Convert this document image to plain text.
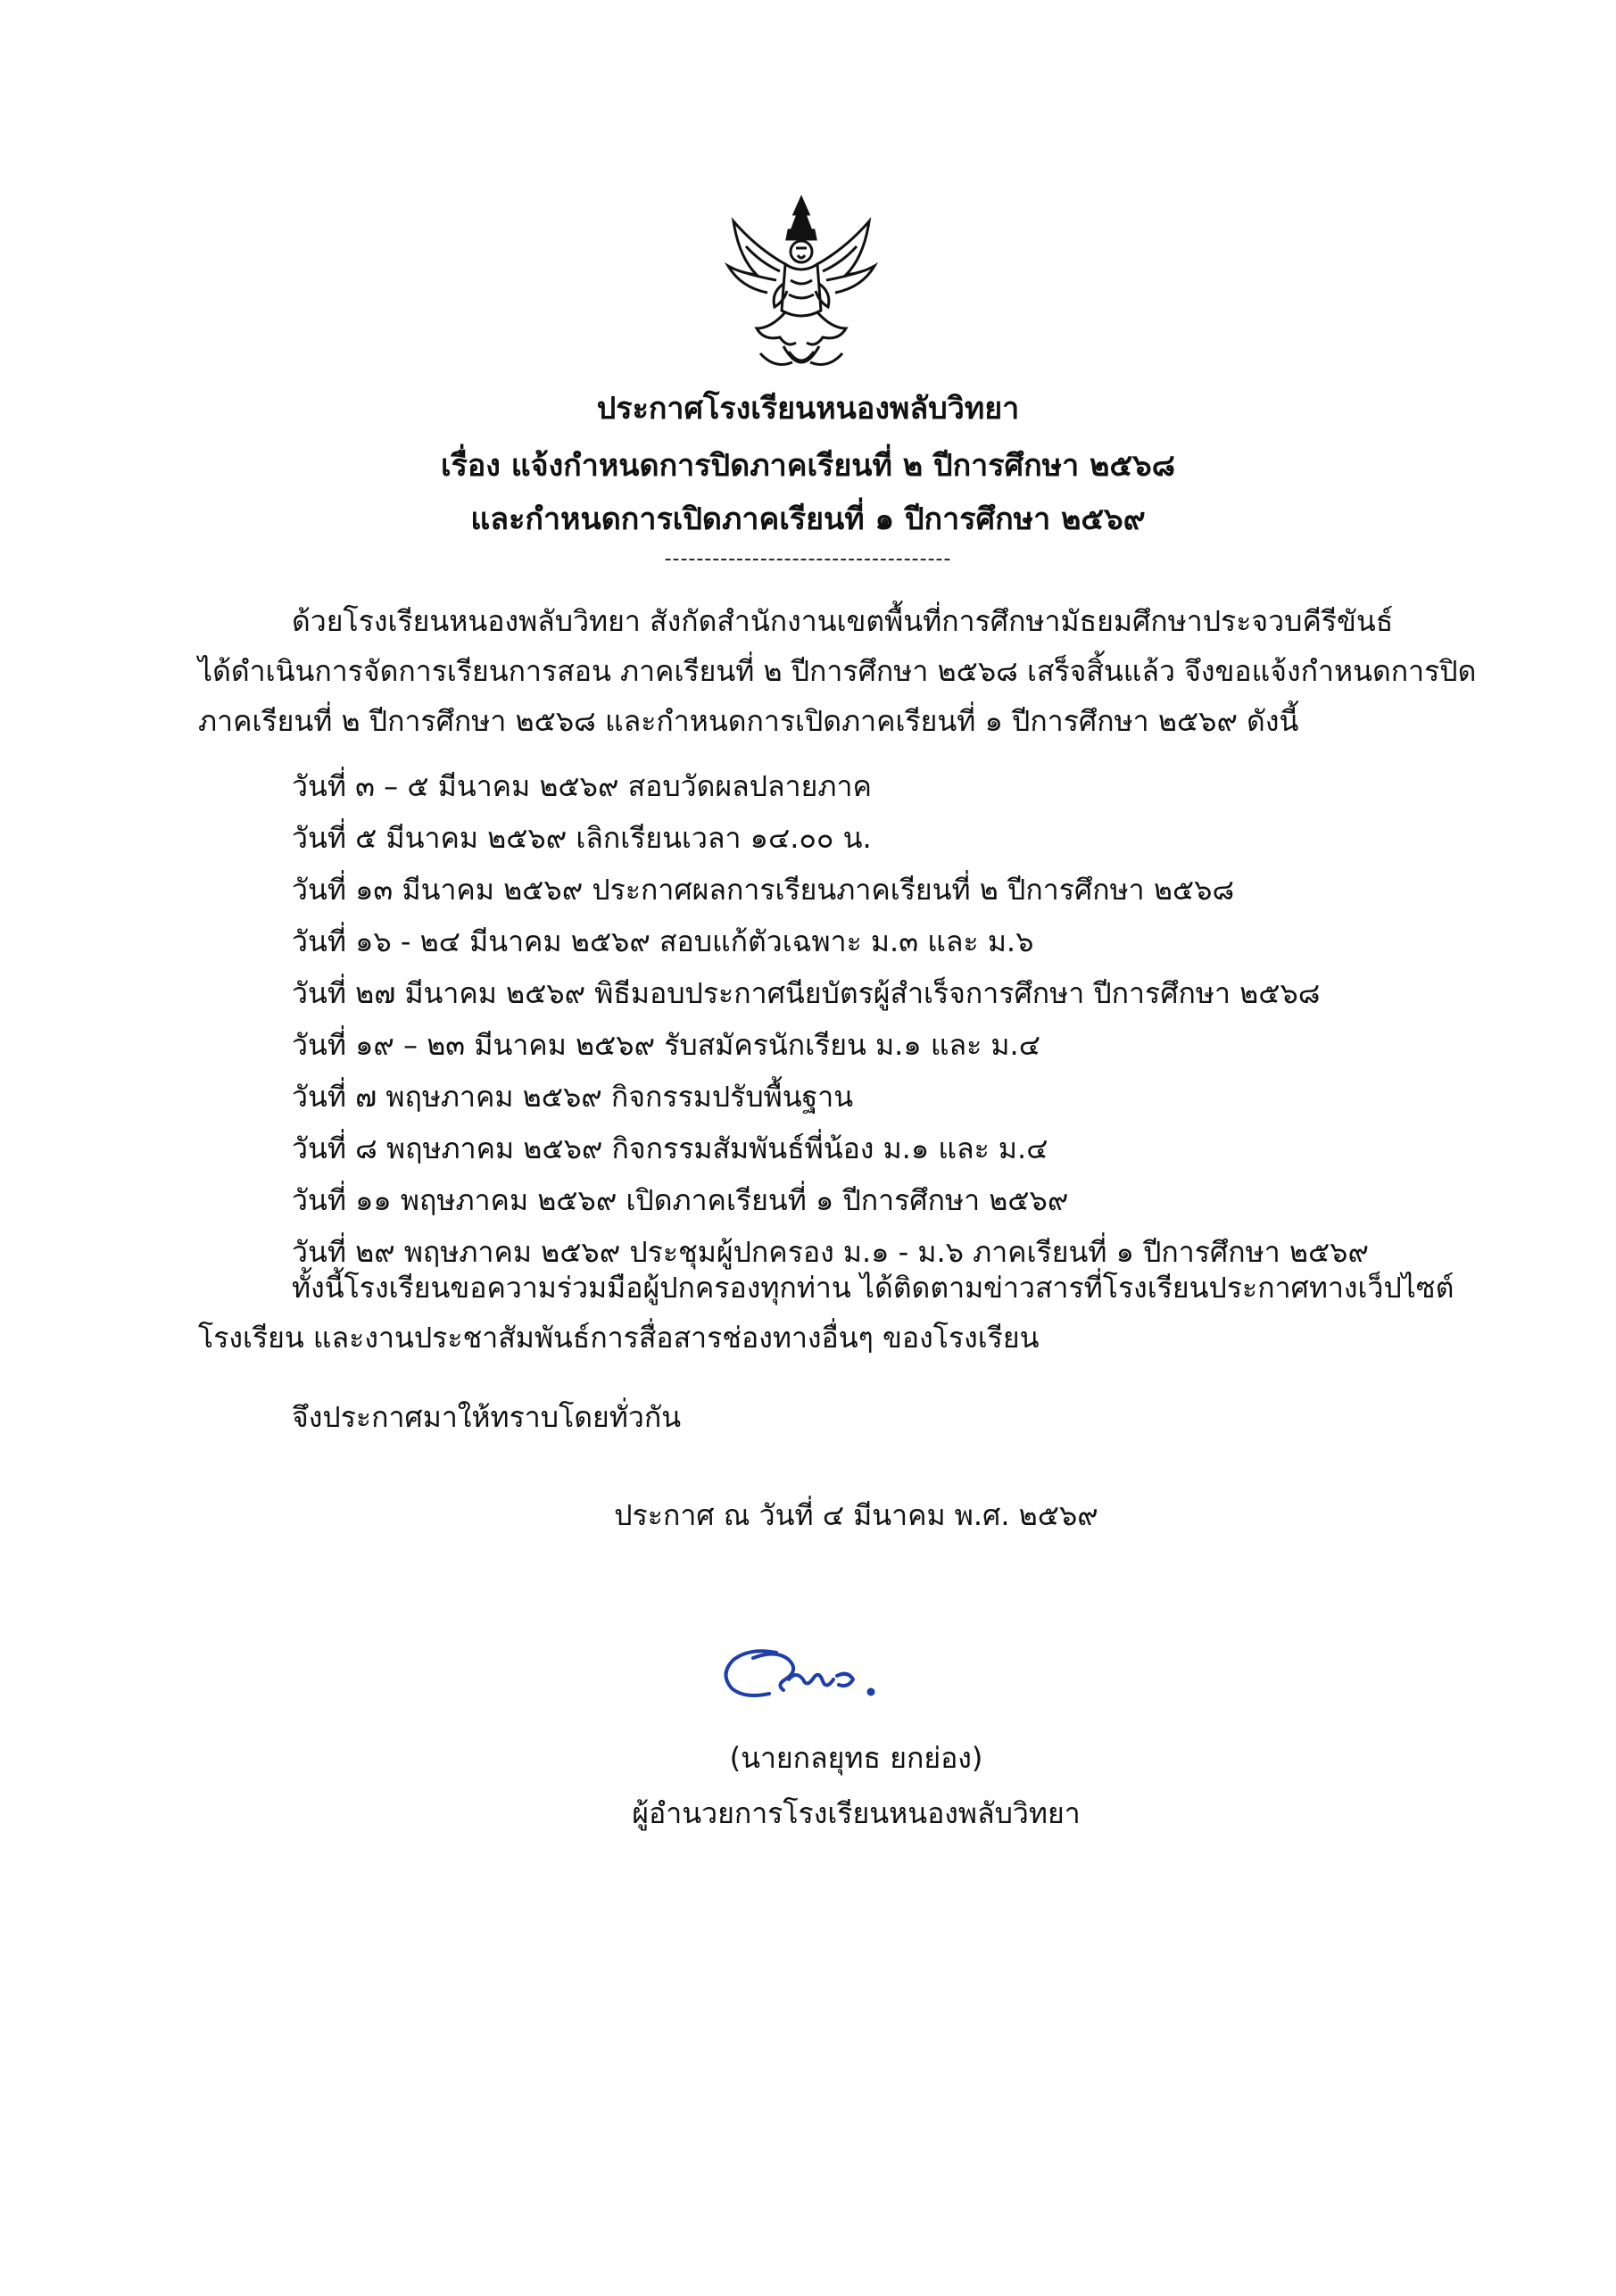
ประกาศโรงเรียนหนองพลับวิทยา

เรื่อง แจ้งกำหนดการปิดภาคเรียนที่ ๒ ปีการศึกษา ๒๕๖๘

และกำหนดการเปิดภาคเรียนที่ ๑ ปีการศึกษา ๒๕๖๙

------------------------------------

ด้วยโรงเรียนหนองพลับวิทยา สังกัดสำนักงานเขตพื้นที่การศึกษามัธยมศึกษาประจวบคีรีขันธ์
ได้ดำเนินการจัดการเรียนการสอน ภาคเรียนที่ ๒ ปีการศึกษา ๒๕๖๘ เสร็จสิ้นแล้ว จึงขอแจ้งกำหนดการปิด
ภาคเรียนที่ ๒ ปีการศึกษา ๒๕๖๘ และกำหนดการเปิดภาคเรียนที่ ๑ ปีการศึกษา ๒๕๖๙ ดังนี้
วันที่ ๓ – ๕ มีนาคม ๒๕๖๙ สอบวัดผลปลายภาค
วันที่ ๕ มีนาคม ๒๕๖๙ เลิกเรียนเวลา ๑๔.๐๐ น.
วันที่ ๑๓ มีนาคม ๒๕๖๙ ประกาศผลการเรียนภาคเรียนที่ ๒ ปีการศึกษา ๒๕๖๘
วันที่ ๑๖ - ๒๔ มีนาคม ๒๕๖๙ สอบแก้ตัวเฉพาะ ม.๓ และ ม.๖
วันที่ ๒๗ มีนาคม ๒๕๖๙ พิธีมอบประกาศนียบัตรผู้สำเร็จการศึกษา ปีการศึกษา ๒๕๖๘
วันที่ ๑๙ – ๒๓ มีนาคม ๒๕๖๙ รับสมัครนักเรียน ม.๑ และ ม.๔
วันที่ ๗ พฤษภาคม ๒๕๖๙ กิจกรรมปรับพื้นฐาน
วันที่ ๘ พฤษภาคม ๒๕๖๙ กิจกรรมสัมพันธ์พี่น้อง ม.๑ และ ม.๔
วันที่ ๑๑ พฤษภาคม ๒๕๖๙ เปิดภาคเรียนที่ ๑ ปีการศึกษา ๒๕๖๙
วันที่ ๒๙ พฤษภาคม ๒๕๖๙ ประชุมผู้ปกครอง ม.๑ - ม.๖ ภาคเรียนที่ ๑ ปีการศึกษา ๒๕๖๙
ทั้งนี้โรงเรียนขอความร่วมมือผู้ปกครองทุกท่าน ได้ติดตามข่าวสารที่โรงเรียนประกาศทางเว็ปไซต์
โรงเรียน และงานประชาสัมพันธ์การสื่อสารช่องทางอื่นๆ ของโรงเรียน

จึงประกาศมาให้ทราบโดยทั่วกัน

ประกาศ ณ วันที่ ๔ มีนาคม พ.ศ. ๒๕๖๙

(นายกลยุทธ ยกย่อง)

ผู้อำนวยการโรงเรียนหนองพลับวิทยา
